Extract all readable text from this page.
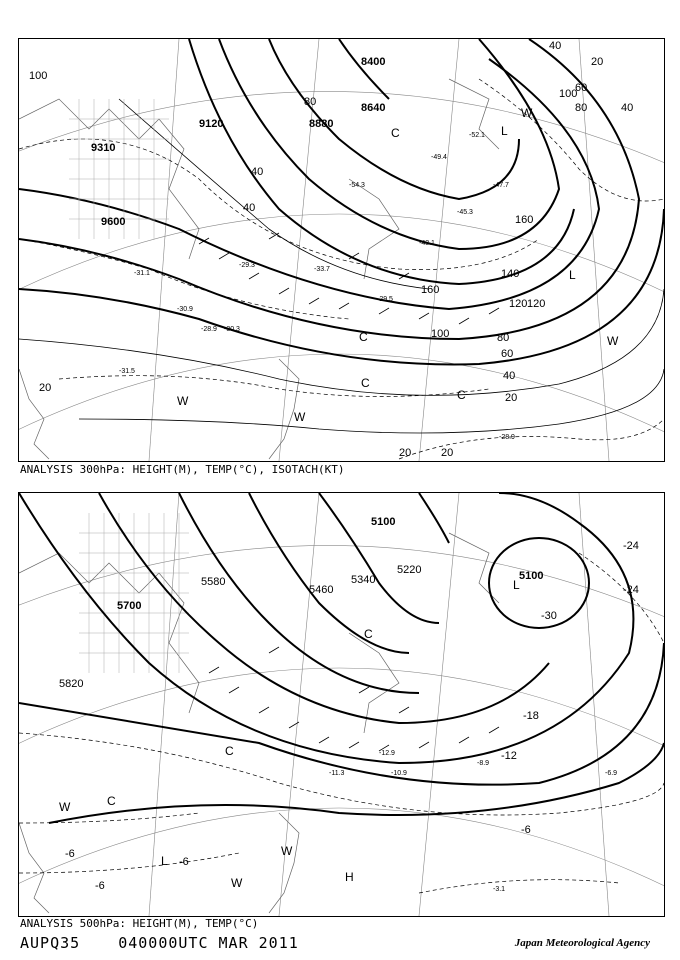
9600
9310
9120	8880
8640
8400
100
20
40
40
80
100
120
140
160
160
120
100	80
60
40
20
60
80	40
20
40
20	20
-31.1
-29.3
-28.9
-30.9
-30.3
-31.5
-33.7
-29.5
-28.9
-45.3
-52.1
-54.3	-47.7
-49.4
-43.1
C
C
C
C
W
W
W
W
L
L
ANALYSIS 300hPa: HEIGHT(M), TEMP(°C), ISOTACH(KT)
5700
5580
5460
5340
5220
5100
5100
5820
-30
-24
-24
-18
-12
-6
-6
-6
-6
-12.9
-8.9
-11.3	-10.9	-6.9
-3.1
L
L
C
C
W
W
W	H
C
ANALYSIS 500hPa: HEIGHT(M), TEMP(°C)
AUPQ35	040000UTC MAR 2011	Japan Meteorological Agency
